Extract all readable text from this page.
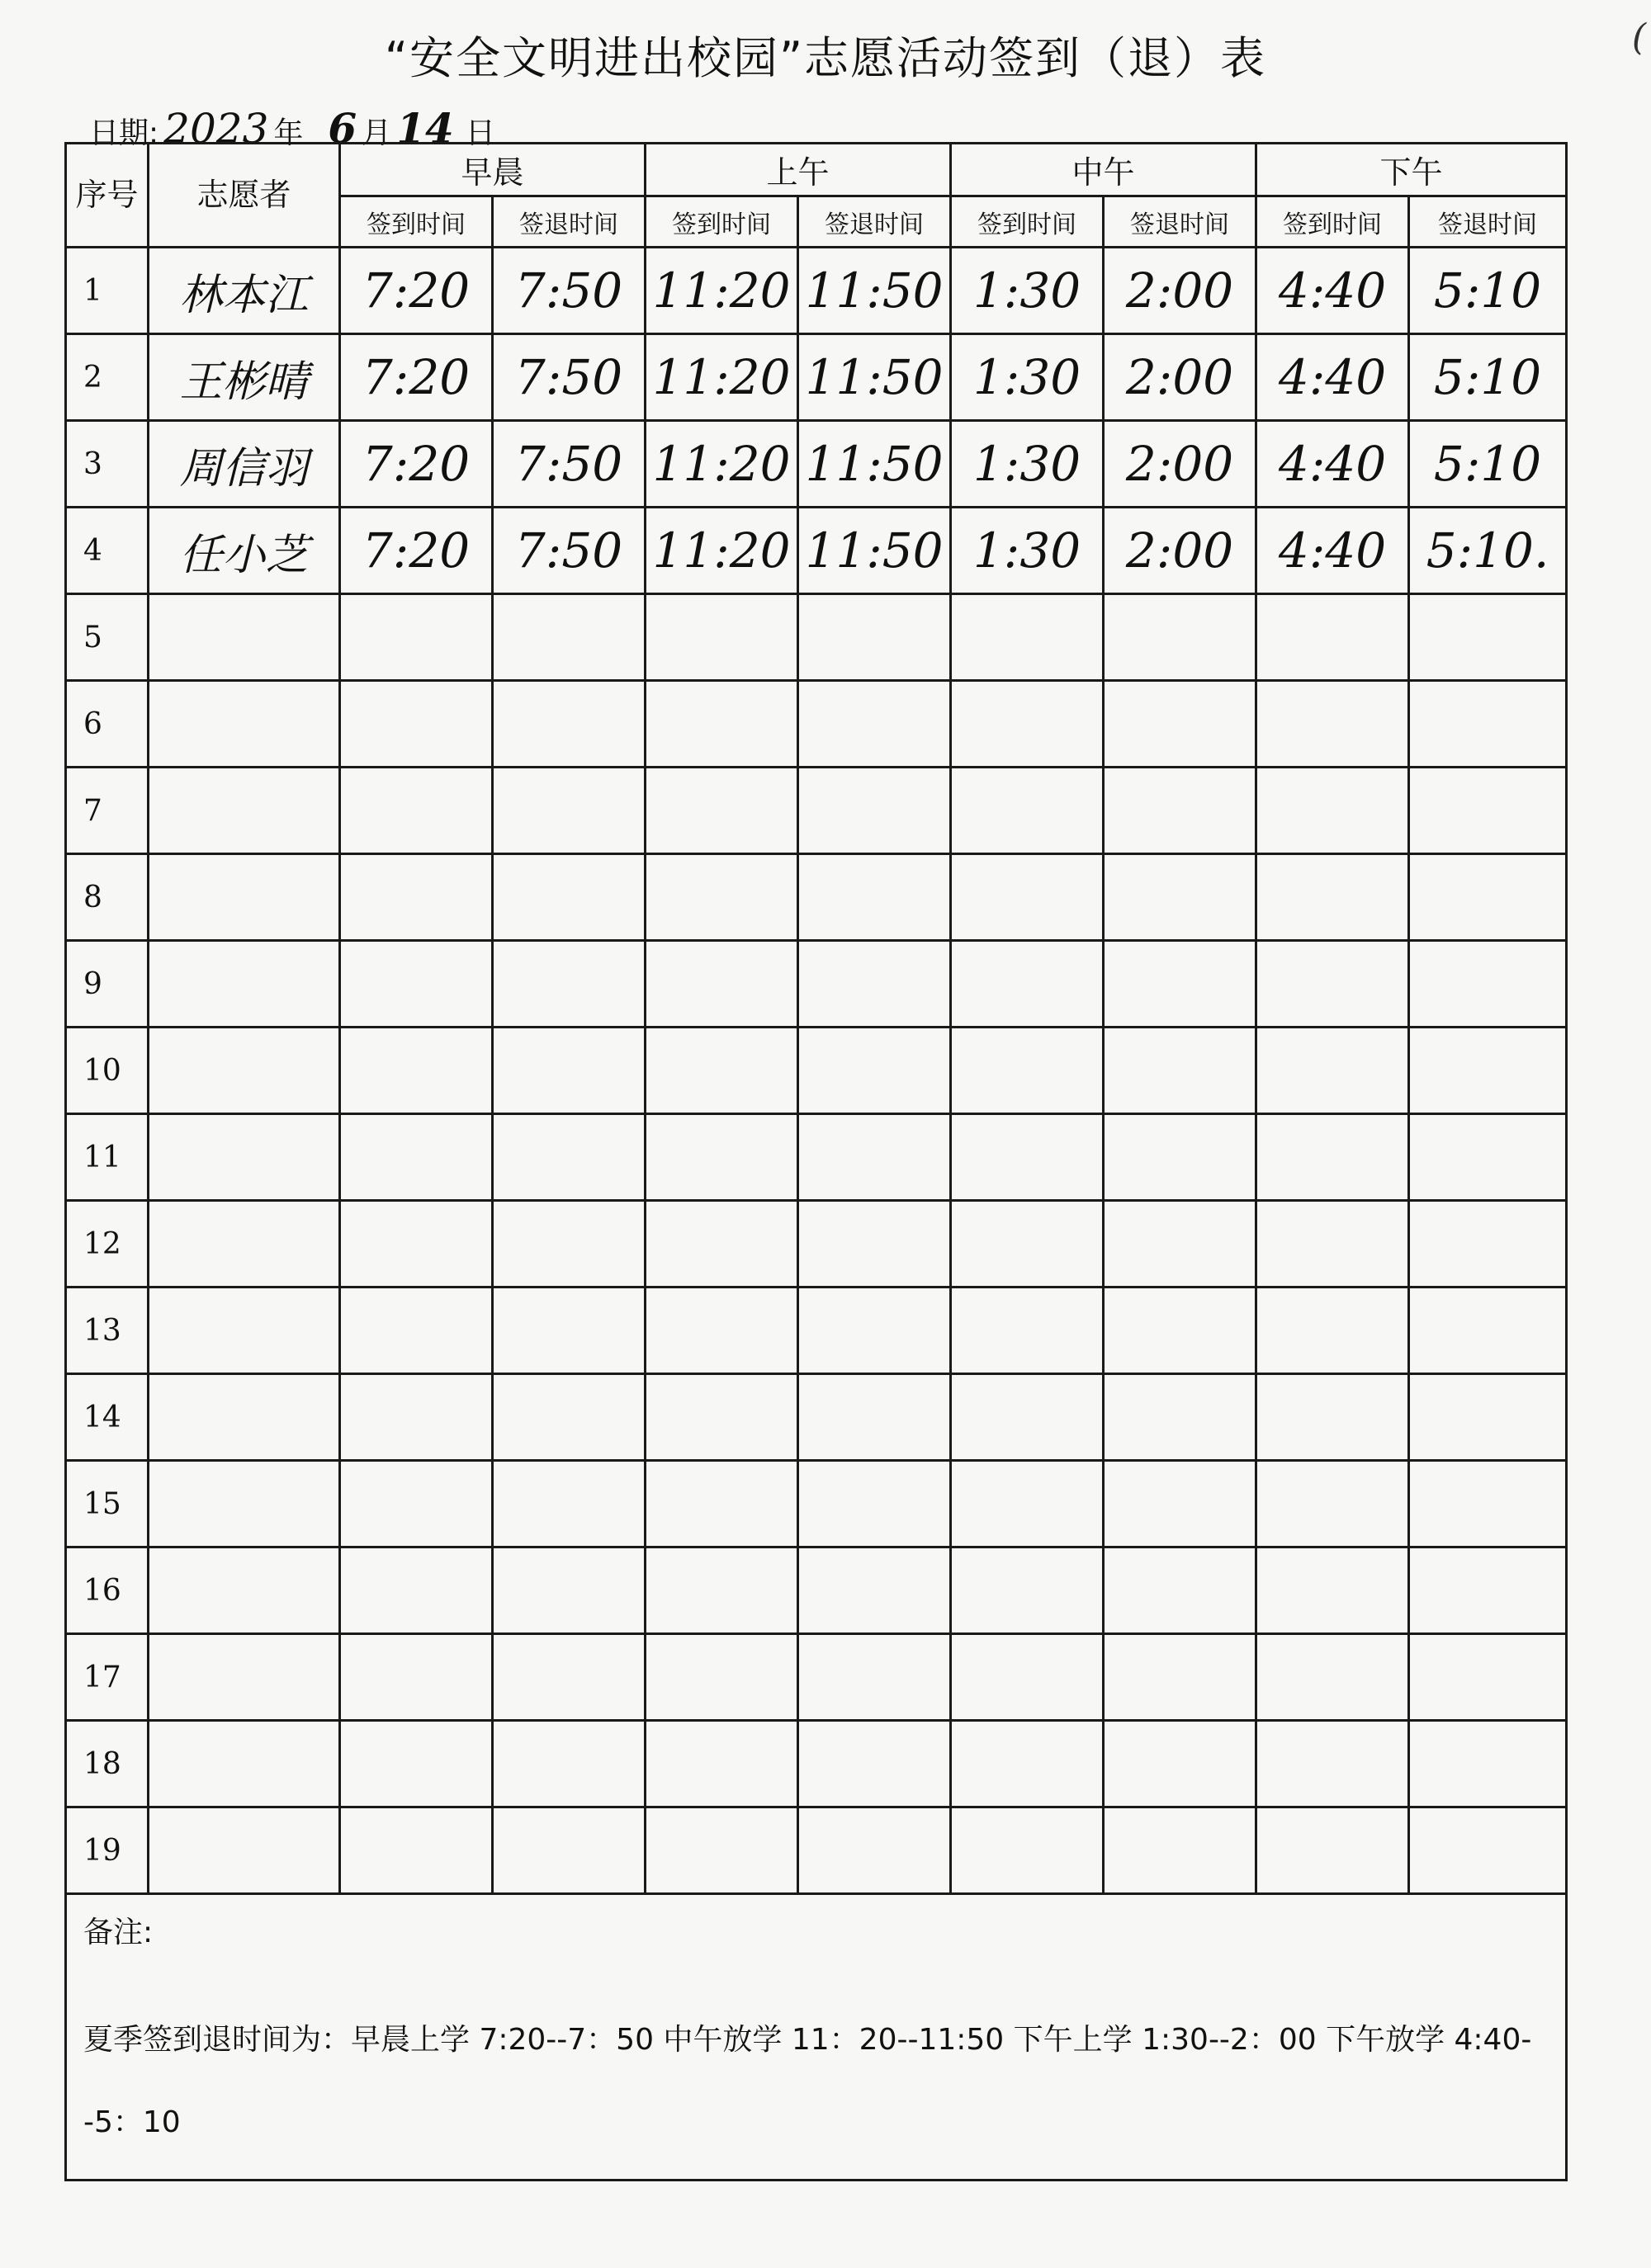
(
“安全文明进出校园”志愿活动签到（退）表
日期: 2023 年 6 月 14 日
序号	志愿者	早晨		上午		中午		下午	
		签到时间	签退时间	签到时间	签退时间	签到时间	签退时间	签到时间	签退时间
1	林本江	7:20	7:50	11:20	11:50	1:30	2:00	4:40	5:10
2	王彬晴	7:20	7:50	11:20	11:50	1:30	2:00	4:40	5:10
3	周信羽	7:20	7:50	11:20	11:50	1:30	2:00	4:40	5:10
4	任小芝	7:20	7:50	11:20	11:50	1:30	2:00	4:40	5:10.
5									
6									
7									
8									
9									
10									
11									
12									
13									
14									
15									
16									
17									
18									
19									

备注:
夏季签到退时间为：早晨上学 7:20--7：50 中午放学 11：20--11:50 下午上学 1:30--2：00 下午放学 4:40--5：10									
